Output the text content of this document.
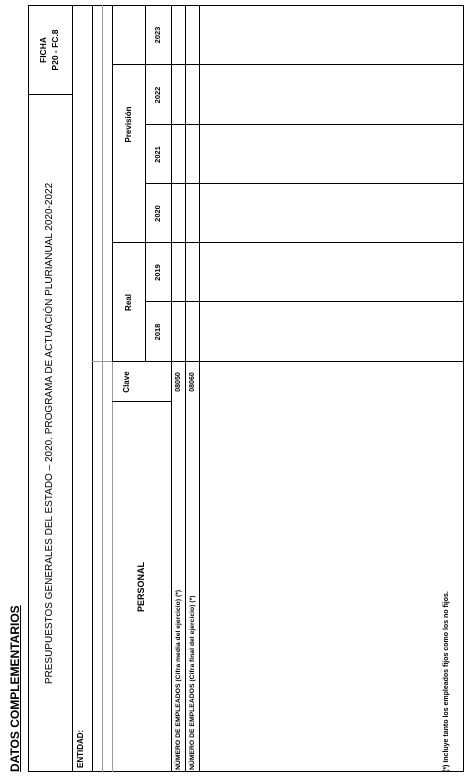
DATOS COMPLEMENTARIOS
PRESUPUESTOS GENERALES DEL ESTADO – 2020. PROGRAMA DE ACTUACIÓN PLURIANUAL 2020-2022
FICHA P20 - FC.8
ENTIDAD:
PERSONAL
Clave
Real
Previsión
2018
2019
2020
2021
2022
2023
NÚMERO DE EMPLEADOS (Cifra media del ejercicio) (*)
08050
NÚMERO DE EMPLEADOS (Cifra final del ejercicio) (*)
08060
(*) Incluye tanto los empleados fijos como los no fijos.
